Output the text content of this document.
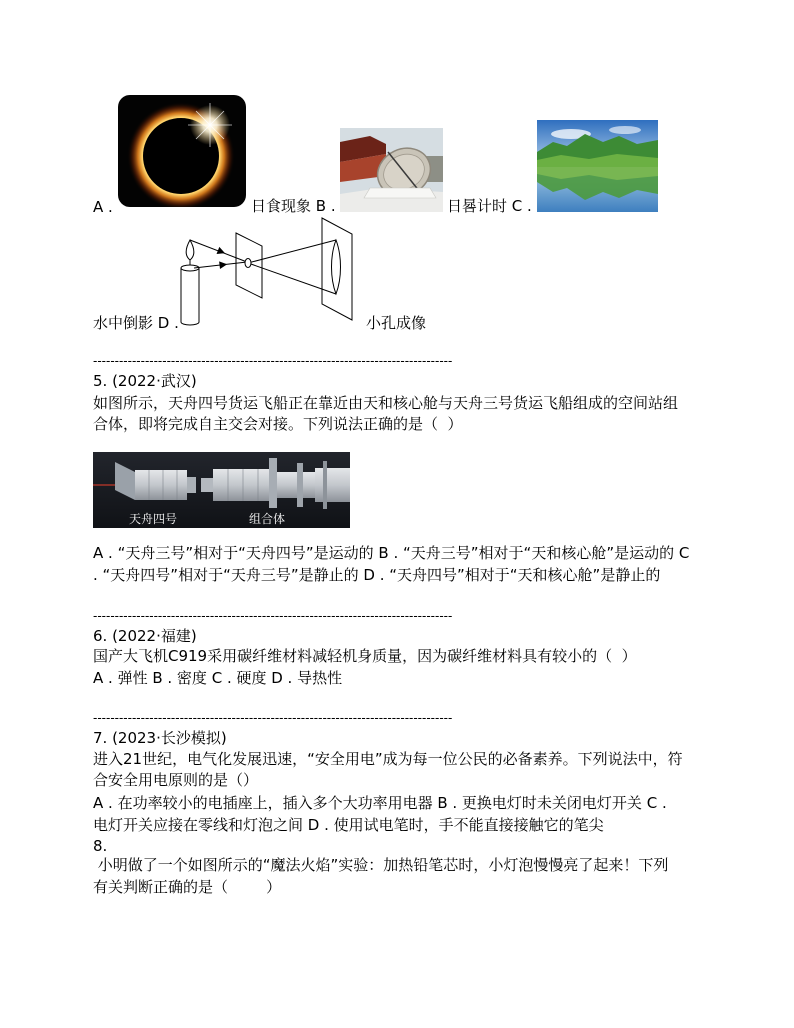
A .	日食现象 B .	日晷计时 C .
水中倒影 D .	小孔成像
-----------------------------------------------------------------------------------
5. (2022·武汉)
如图所示，天舟四号货运飞船正在靠近由天和核心舱与天舟三号货运飞船组成的空间站组
合体，即将完成自主交会对接。下列说法正确的是（  ）
天舟四号	组合体
A . “天舟三号”相对于“天舟四号”是运动的 B . “天舟三号”相对于“天和核心舱”是运动的 C
. “天舟四号”相对于“天舟三号”是静止的 D . “天舟四号”相对于“天和核心舱”是静止的
-----------------------------------------------------------------------------------
6. (2022·福建)
国产大飞机C919采用碳纤维材料减轻机身质量，因为碳纤维材料具有较小的（  ）
A . 弹性 B . 密度 C . 硬度 D . 导热性
-----------------------------------------------------------------------------------
7. (2023·长沙模拟)
进入21世纪，电气化发展迅速，“安全用电”成为每一位公民的必备素养。下列说法中，符
合安全用电原则的是（）
A . 在功率较小的电插座上，插入多个大功率用电器 B . 更换电灯时未关闭电灯开关 C .
电灯开关应接在零线和灯泡之间 D . 使用试电笔时，手不能直接接触它的笔尖
8.
小明做了一个如图所示的“魔法火焰”实验：加热铅笔芯时，小灯泡慢慢亮了起来！下列
有关判断正确的是（        ）
